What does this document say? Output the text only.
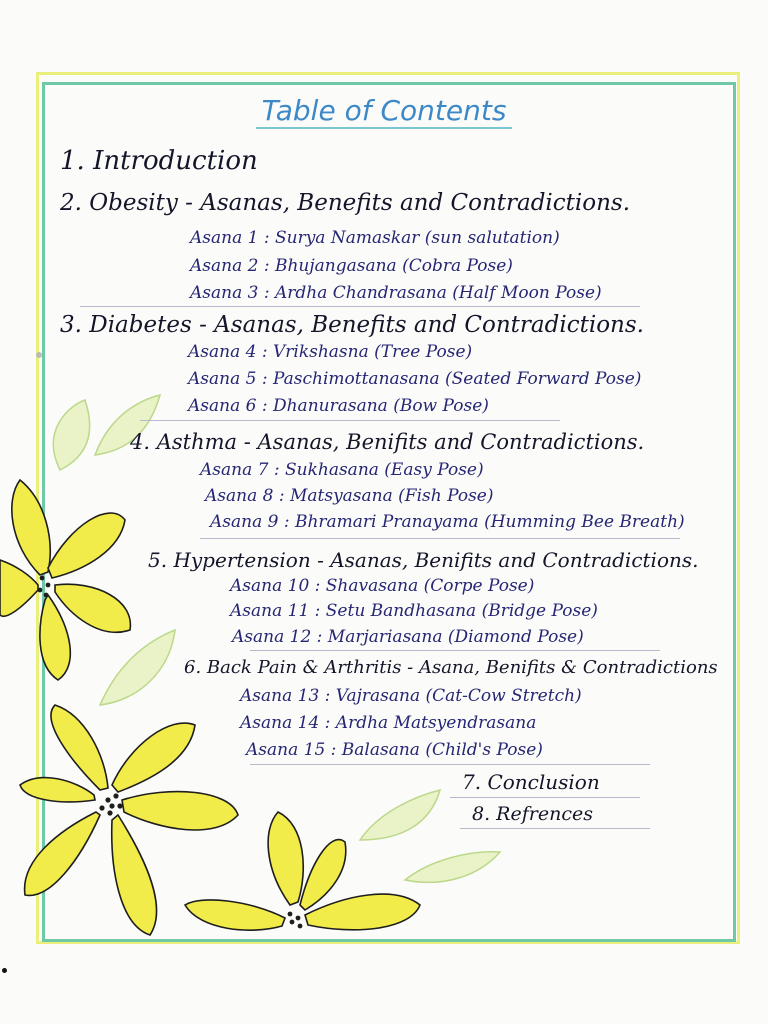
Table of Contents
1. Introduction
2. Obesity - Asanas, Benefits and Contradictions.
Asana 1 : Surya Namaskar (sun salutation)
Asana 2 : Bhujangasana (Cobra Pose)
Asana 3 : Ardha Chandrasana (Half Moon Pose)
3. Diabetes - Asanas, Benefits and Contradictions.
Asana 4 : Vrikshasna (Tree Pose)
Asana 5 : Paschimottanasana (Seated Forward Pose)
Asana 6 : Dhanurasana (Bow Pose)
4. Asthma - Asanas, Benifits and Contradictions.
Asana 7 : Sukhasana (Easy Pose)
Asana 8 : Matsyasana (Fish Pose)
Asana 9 : Bhramari Pranayama (Humming Bee Breath)
5. Hypertension - Asanas, Benifits and Contradictions.
Asana 10 : Shavasana (Corpe Pose)
Asana 11 : Setu Bandhasana (Bridge Pose)
Asana 12 : Marjariasana (Diamond Pose)
6. Back Pain & Arthritis - Asana, Benifits & Contradictions
Asana 13 : Vajrasana (Cat-Cow Stretch)
Asana 14 : Ardha Matsyendrasana
Asana 15 : Balasana (Child's Pose)
7. Conclusion
8. Refrences
